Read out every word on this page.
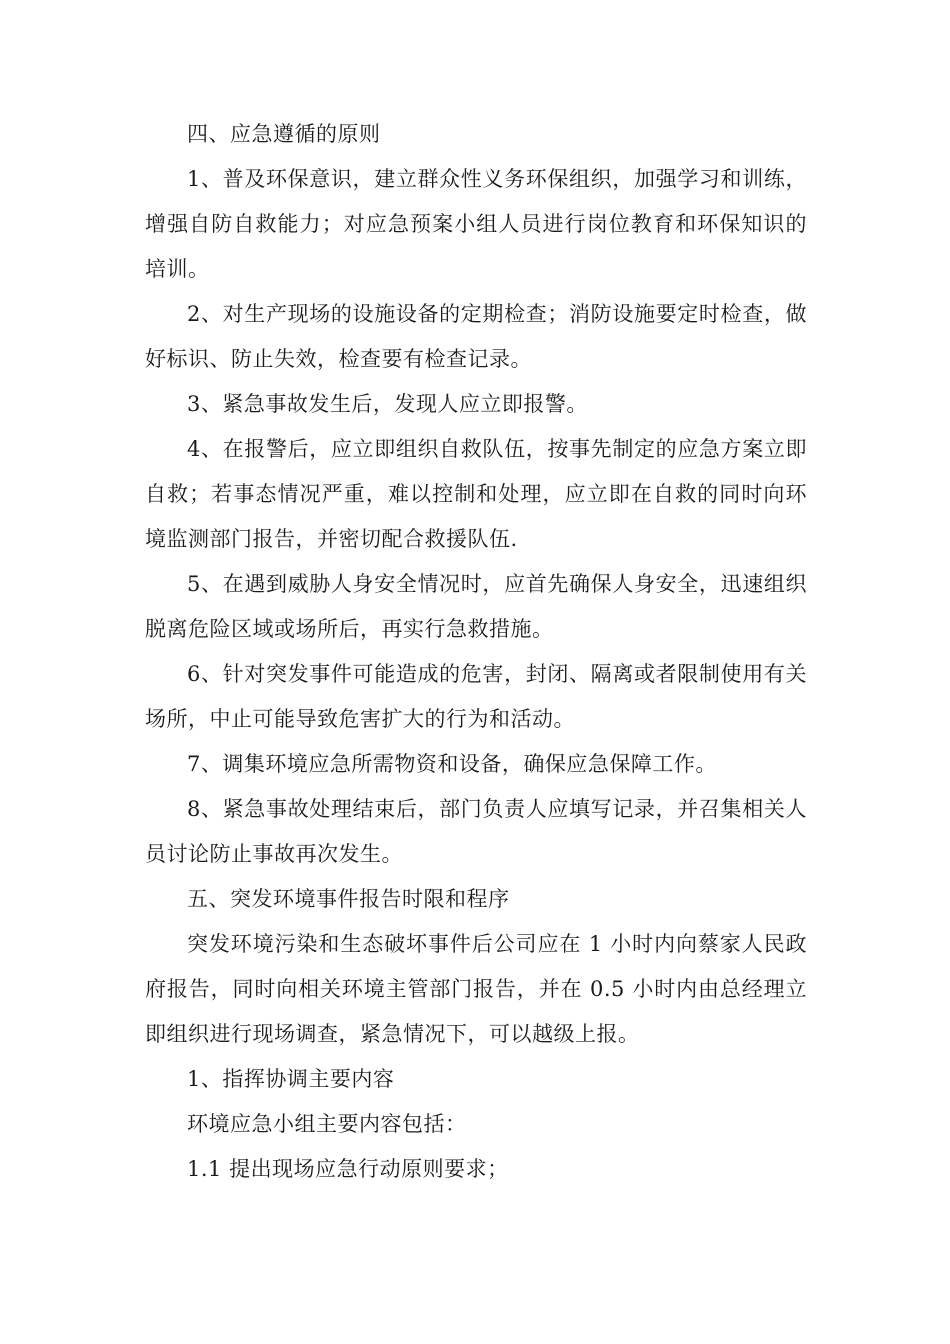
四、应急遵循的原则

1、普及环保意识，建立群众性义务环保组织，加强学习和训练，增强自防自救能力；对应急预案小组人员进行岗位教育和环保知识的培训。

2、对生产现场的设施设备的定期检查；消防设施要定时检查，做好标识、防止失效，检查要有检查记录。

3、紧急事故发生后，发现人应立即报警。

4、在报警后，应立即组织自救队伍，按事先制定的应急方案立即自救；若事态情况严重，难以控制和处理，应立即在自救的同时向环境监测部门报告，并密切配合救援队伍.

5、在遇到威胁人身安全情况时，应首先确保人身安全，迅速组织脱离危险区域或场所后，再实行急救措施。

6、针对突发事件可能造成的危害，封闭、隔离或者限制使用有关场所，中止可能导致危害扩大的行为和活动。

7、调集环境应急所需物资和设备，确保应急保障工作。

8、紧急事故处理结束后，部门负责人应填写记录，并召集相关人员讨论防止事故再次发生。

五、突发环境事件报告时限和程序

突发环境污染和生态破坏事件后公司应在 1 小时内向蔡家人民政府报告，同时向相关环境主管部门报告，并在 0.5 小时内由总经理立即组织进行现场调查，紧急情况下，可以越级上报。

1、指挥协调主要内容

环境应急小组主要内容包括：

1.1 提出现场应急行动原则要求；
